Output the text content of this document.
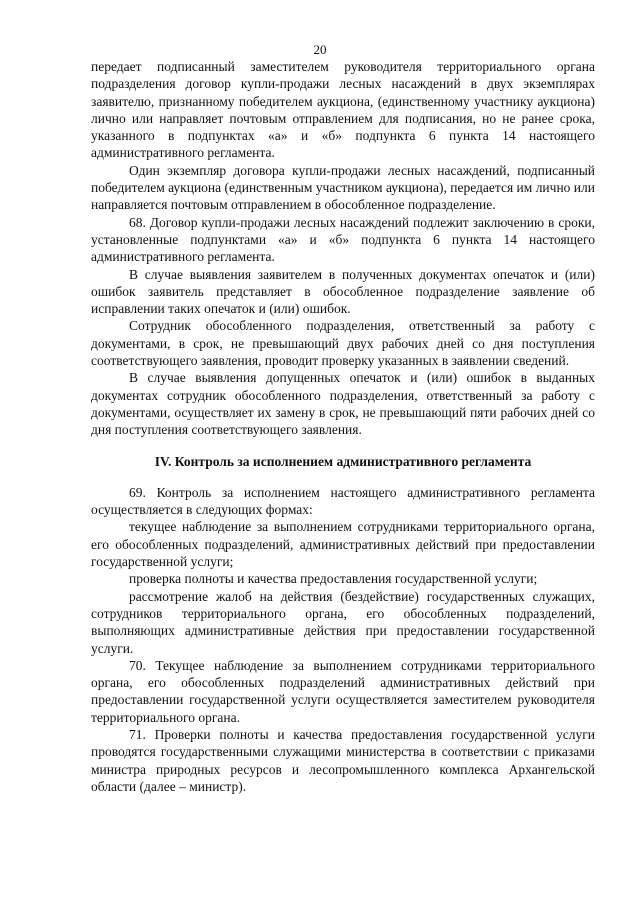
20

передает подписанный заместителем руководителя территориального органа подразделения договор купли-продажи лесных насаждений в двух экземплярах заявителю, признанному победителем аукциона, (единственному участнику аукциона) лично или направляет почтовым отправлением для подписания, но не ранее срока, указанного в подпунктах «а» и «б» подпункта 6 пункта 14 настоящего административного регламента.

Один экземпляр договора купли-продажи лесных насаждений, подписанный победителем аукциона (единственным участником аукциона), передается им лично или направляется почтовым отправлением в обособленное подразделение.

68. Договор купли-продажи лесных насаждений подлежит заключению в сроки, установленные подпунктами «а» и «б» подпункта 6 пункта 14 настоящего административного регламента.

В случае выявления заявителем в полученных документах опечаток и (или) ошибок заявитель представляет в обособленное подразделение заявление об исправлении таких опечаток и (или) ошибок.

Сотрудник обособленного подразделения, ответственный за работу с документами, в срок, не превышающий двух рабочих дней со дня поступления соответствующего заявления, проводит проверку указанных в заявлении сведений.

В случае выявления допущенных опечаток и (или) ошибок в выданных документах сотрудник обособленного подразделения, ответственный за работу с документами, осуществляет их замену в срок, не превышающий пяти рабочих дней со дня поступления соответствующего заявления.

IV. Контроль за исполнением административного регламента

69. Контроль за исполнением настоящего административного регламента осуществляется в следующих формах:

текущее наблюдение за выполнением сотрудниками территориального органа, его обособленных подразделений, административных действий при предоставлении государственной услуги;

проверка полноты и качества предоставления государственной услуги;

рассмотрение жалоб на действия (бездействие) государственных служащих, сотрудников территориального органа, его обособленных подразделений, выполняющих административные действия при предоставлении государственной услуги.

70. Текущее наблюдение за выполнением сотрудниками территориального органа, его обособленных подразделений административных действий при предоставлении государственной услуги осуществляется заместителем руководителя территориального органа.

71. Проверки полноты и качества предоставления государственной услуги проводятся государственными служащими министерства в соответствии с приказами министра природных ресурсов и лесопромышленного комплекса Архангельской области (далее – министр).
